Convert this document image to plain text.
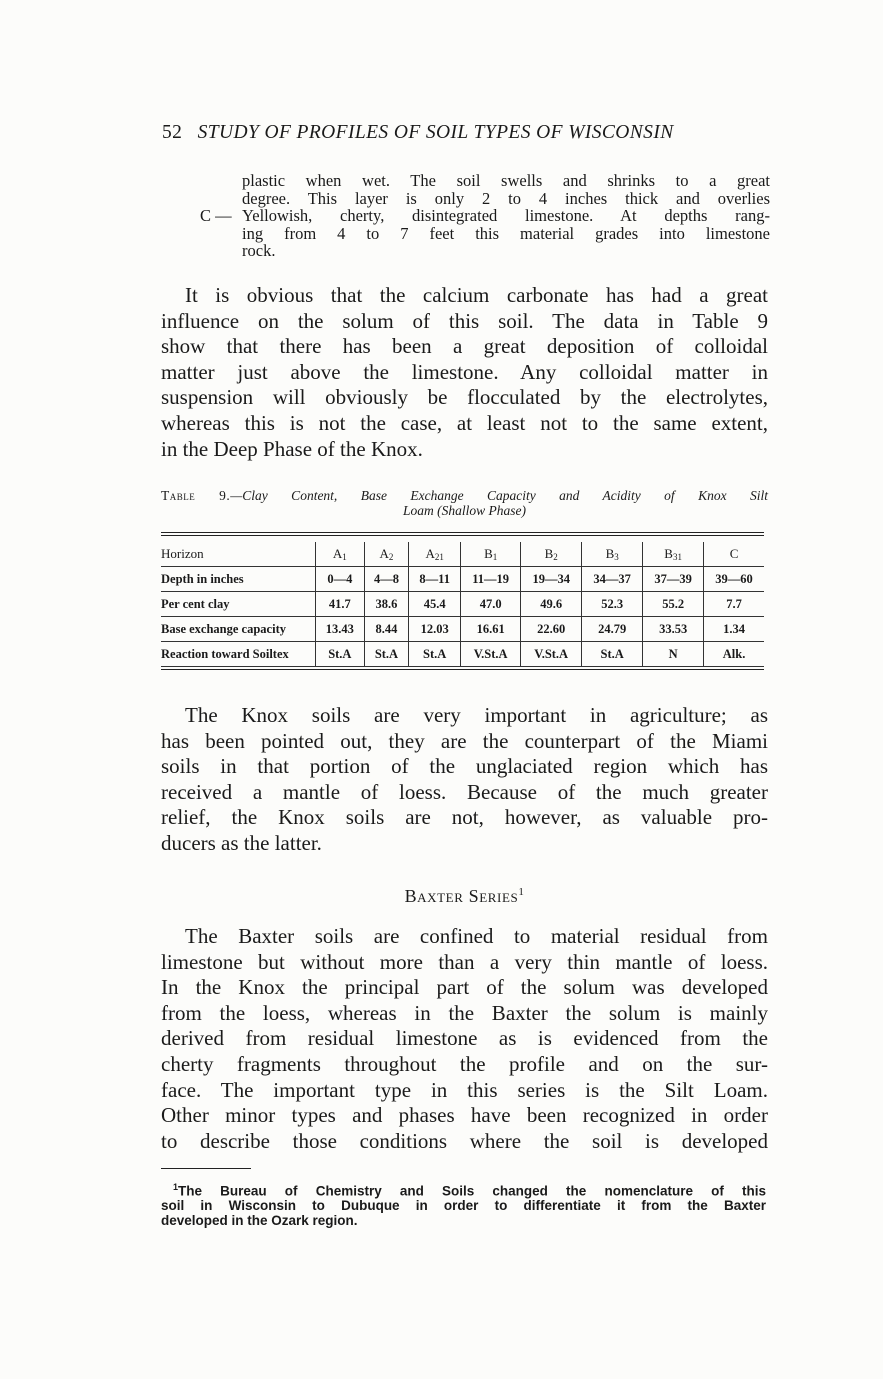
52 STUDY OF PROFILES OF SOIL TYPES OF WISCONSIN
plastic when wet. The soil swells and shrinks to a great
degree. This layer is only 2 to 4 inches thick and overlies
C — Yellowish, cherty, disintegrated limestone. At depths rang-
ing from 4 to 7 feet this material grades into limestone
rock.
It is obvious that the calcium carbonate has had a great
influence on the solum of this soil. The data in Table 9
show that there has been a great deposition of colloidal
matter just above the limestone. Any colloidal matter in
suspension will obviously be flocculated by the electrolytes,
whereas this is not the case, at least not to the same extent,
in the Deep Phase of the Knox.
Table 9.—Clay Content, Base Exchange Capacity and Acidity of Knox Silt
Loam (Shallow Phase)
Horizon	$A_1$	$A_2$	$A_{21}$	$B_1$	$B_2$	$B_3$	$B_{31}$	C
Depth in inches	0—4	4—8	8—11	11—19	19—34	34—37	37—39	39—60
Per cent clay	41.7	38.6	45.4	47.0	49.6	52.3	55.2	7.7
Base exchange capacity	13.43	8.44	12.03	16.61	22.60	24.79	33.53	1.34
Reaction toward Soiltex	St.A	St.A	St.A	V.St.A	V.St.A	St.A	N	Alk.
The Knox soils are very important in agriculture; as
has been pointed out, they are the counterpart of the Miami
soils in that portion of the unglaciated region which has
received a mantle of loess. Because of the much greater
relief, the Knox soils are not, however, as valuable pro-
ducers as the latter.
Baxter Series$^1$
The Baxter soils are confined to material residual from
limestone but without more than a very thin mantle of loess.
In the Knox the principal part of the solum was developed
from the loess, whereas in the Baxter the solum is mainly
derived from residual limestone as is evidenced from the
cherty fragments throughout the profile and on the sur-
face. The important type in this series is the Silt Loam.
Other minor types and phases have been recognized in order
to describe those conditions where the soil is developed
$^1$The Bureau of Chemistry and Soils changed the nomenclature of this
soil in Wisconsin to Dubuque in order to differentiate it from the Baxter
developed in the Ozark region.
